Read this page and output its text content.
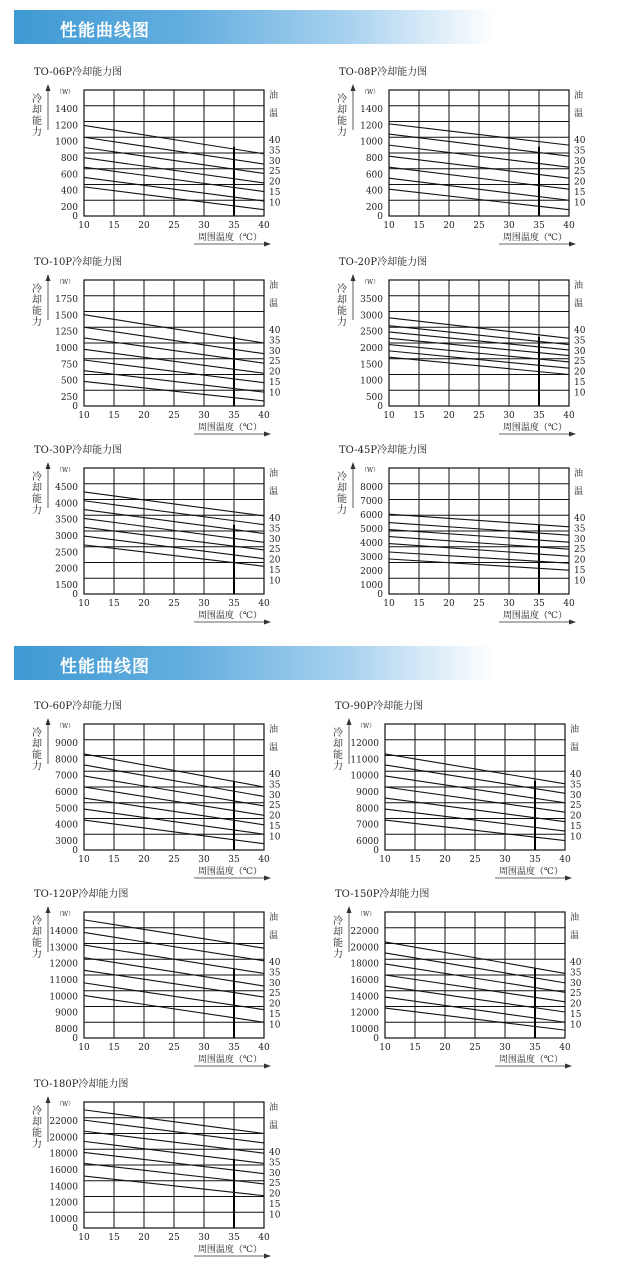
性能曲线图
性能曲线图
TO-06P冷却能力图
（W）
冷
却
能
力
0
200
400
600
800
1000
1200
1400
10 15 20 25 30 35 40
油
温
40
35
30
25
20
15
10
周围温度（℃）
TO-08P冷却能力图
（W）
冷
却
能
力
0
200
400
600
800
1000
1200
1400
10 15 20 25 30 35 40
油
温
40
35
30
25
20
15
10
周围温度（℃）
TO-10P冷却能力图
（W）
冷
却
能
力
0
250
500
750
1000
1250
1500
1750
10 15 20 25 30 35 40
油
温
40
35
30
25
20
15
10
周围温度（℃）
TO-20P冷却能力图
（W）
冷
却
能
力
0
500
1000
1500
2000
2500
3000
3500
10 15 20 25 30 35 40
油
温
40
35
30
25
20
15
10
周围温度（℃）
TO-30P冷却能力图
（W）
冷
却
能
力
0
1500
2000
2500
3000
3500
4000
4500
10 15 20 25 30 35 40
油
温
40
35
30
25
20
15
10
周围温度（℃）
TO-45P冷却能力图
（W）
冷
却
能
力
0
1000
2000
3000
4000
5000
6000
7000
8000
10 15 20 25 30 35 40
油
温
40
35
30
25
20
15
10
周围温度（℃）
TO-60P冷却能力图
（W）
冷
却
能
力
0
3000
4000
5000
6000
7000
8000
9000
10 15 20 25 30 35 40
油
温
40
35
30
25
20
15
10
周围温度（℃）
TO-90P冷却能力图
（W）
冷
却
能
力
0
6000
7000
8000
9000
10000
11000
12000
10 15 20 25 30 35 40
油
温
40
35
30
25
20
15
10
周围温度（℃）
TO-120P冷却能力图
（W）
冷
却
能
力
0
8000
9000
10000
11000
12000
13000
14000
10 15 20 25 30 35 40
油
温
40
35
30
25
20
15
10
周围温度（℃）
TO-150P冷却能力图
（W）
冷
却
能
力
0
10000
12000
14000
16000
18000
20000
22000
10 15 20 25 30 35 40
油
温
40
35
30
25
20
15
10
周围温度（℃）
TO-180P冷却能力图
（W）
冷
却
能
力
0
10000
12000
14000
16000
18000
20000
22000
10 15 20 25 30 35 40
油
温
40
35
30
25
20
15
10
周围温度（℃）
